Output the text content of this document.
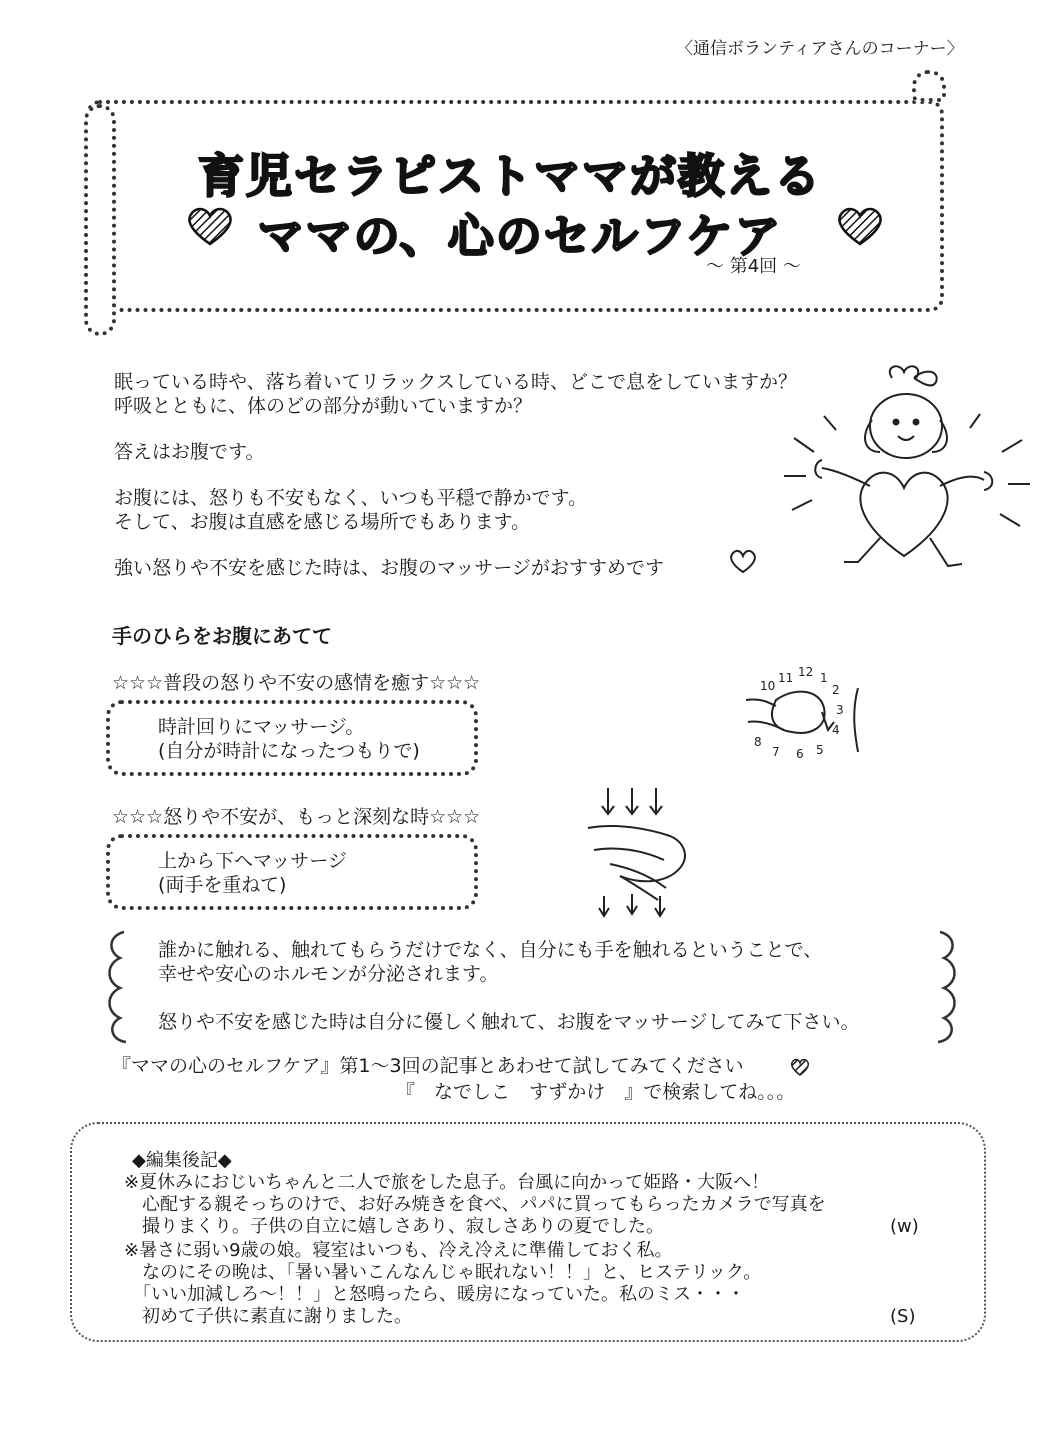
〈通信ボランティアさんのコーナー〉
育児セラピストママが教える
ママの、心のセルフケア
〜 第4回 〜
眠っている時や、落ち着いてリラックスしている時、どこで息をしていますか？
呼吸とともに、体のどの部分が動いていますか？
答えはお腹です。
お腹には、怒りも不安もなく、いつも平穏で静かです。
そして、お腹は直感を感じる場所でもあります。
強い怒りや不安を感じた時は、お腹のマッサージがおすすめです
手のひらをお腹にあてて
☆☆☆普段の怒りや不安の感情を癒す☆☆☆
時計回りにマッサージ。
(自分が時計になったつもりで)
10
11 12 1
2
3
4
5
6
7
8
☆☆☆怒りや不安が、もっと深刻な時☆☆☆
上から下へマッサージ
(両手を重ねて)
誰かに触れる、触れてもらうだけでなく、自分にも手を触れるということで、
幸せや安心のホルモンが分泌されます。
怒りや不安を感じた時は自分に優しく触れて、お腹をマッサージしてみて下さい。
『ママの心のセルフケア』第1〜3回の記事とあわせて試してみてください
『　なでしこ　すずかけ　』で検索してね。。。
◆編集後記◆
※夏休みにおじいちゃんと二人で旅をした息子。台風に向かって姫路・大阪へ！
　心配する親そっちのけで、お好み焼きを食べ、パパに買ってもらったカメラで写真を
　撮りまくり。子供の自立に嬉しさあり、寂しさありの夏でした。	(w)
※暑さに弱い9歳の娘。寝室はいつも、冷え冷えに準備しておく私。
　なのにその晩は、「暑い暑いこんなんじゃ眠れない！！」と、ヒステリック。
　「いい加減しろ〜！！」と怒鳴ったら、暖房になっていた。私のミス・・・
　初めて子供に素直に謝りました。	(S)
